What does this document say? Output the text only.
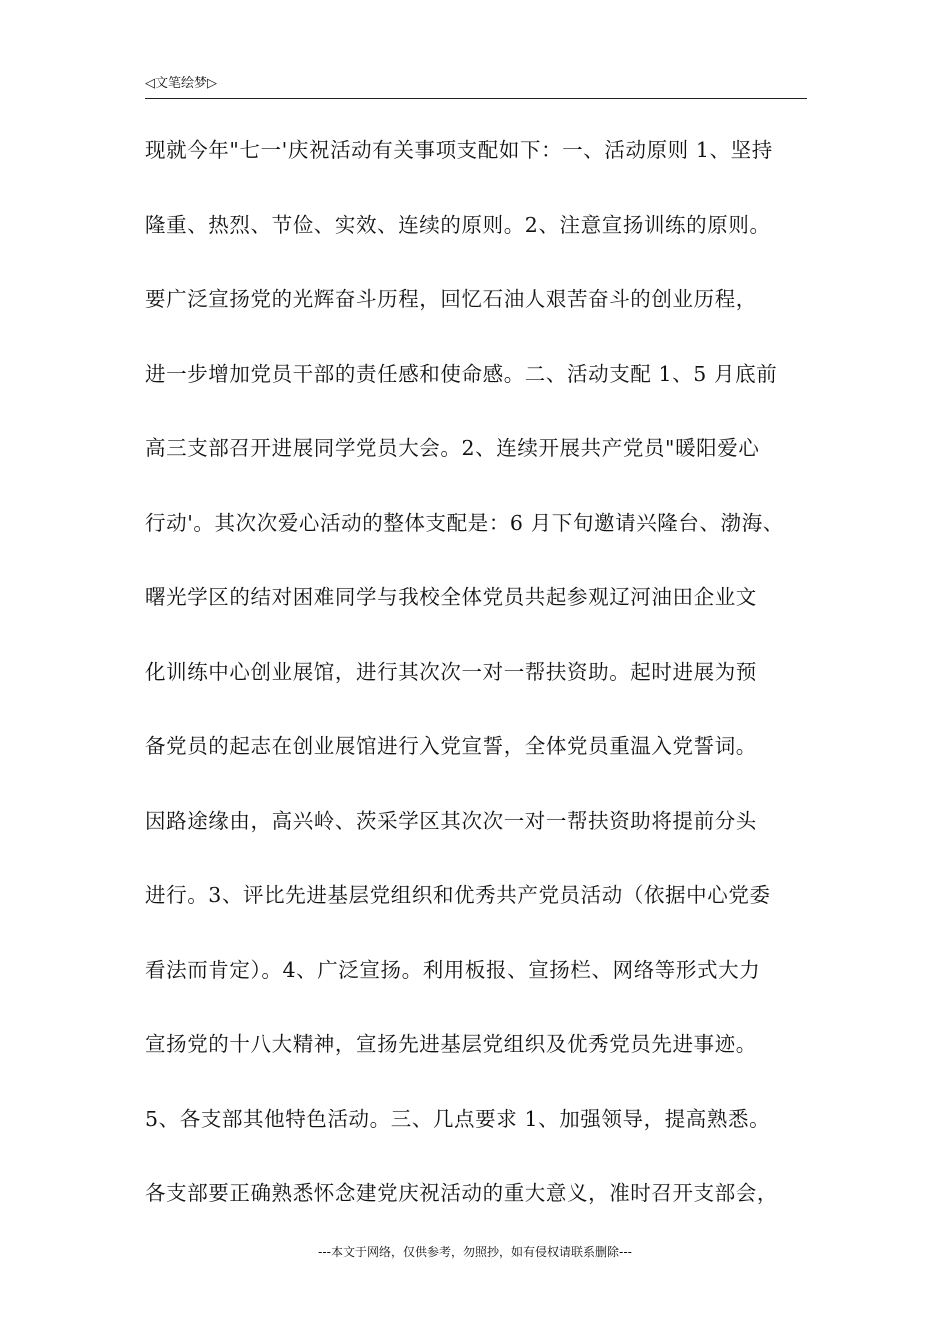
◁文笔绘梦▷
现就今年"七一'庆祝活动有关事项支配如下：一、活动原则 1、坚持
隆重、热烈、节俭、实效、连续的原则。2、注意宣扬训练的原则。
要广泛宣扬党的光辉奋斗历程，回忆石油人艰苦奋斗的创业历程，
进一步增加党员干部的责任感和使命感。二、活动支配 1、5 月底前
高三支部召开进展同学党员大会。2、连续开展共产党员"暖阳爱心
行动'。其次次爱心活动的整体支配是：6 月下旬邀请兴隆台、渤海、
曙光学区的结对困难同学与我校全体党员共起参观辽河油田企业文
化训练中心创业展馆，进行其次次一对一帮扶资助。起时进展为预
备党员的起志在创业展馆进行入党宣誓，全体党员重温入党誓词。
因路途缘由，高兴岭、茨采学区其次次一对一帮扶资助将提前分头
进行。3、评比先进基层党组织和优秀共产党员活动（依据中心党委
看法而肯定）。4、广泛宣扬。利用板报、宣扬栏、网络等形式大力
宣扬党的十八大精神，宣扬先进基层党组织及优秀党员先进事迹。
5、各支部其他特色活动。三、几点要求 1、加强领导，提高熟悉。
各支部要正确熟悉怀念建党庆祝活动的重大意义，准时召开支部会，
---本文于网络，仅供参考，勿照抄，如有侵权请联系删除---
